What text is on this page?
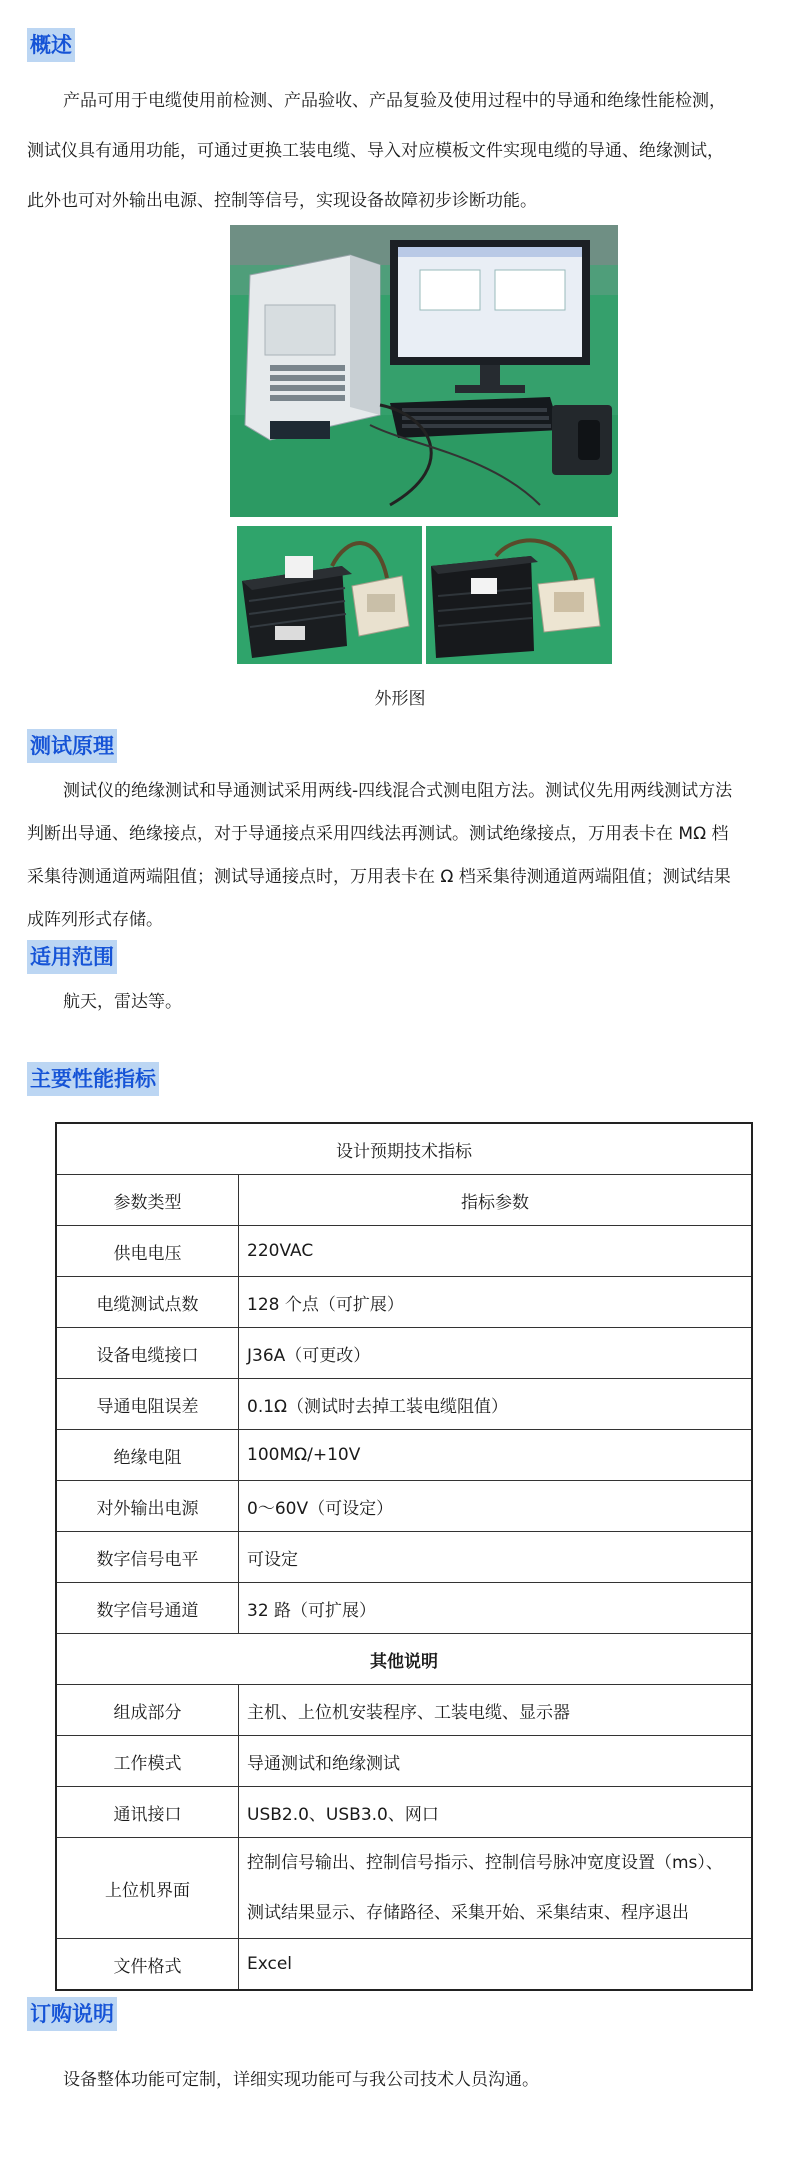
概述

产品可用于电缆使用前检测、产品验收、产品复验及使用过程中的导通和绝缘性能检测，

测试仪具有通用功能，可通过更换工装电缆、导入对应模板文件实现电缆的导通、绝缘测试，

此外也可对外输出电源、控制等信号，实现设备故障初步诊断功能。

外形图
测试原理

测试仪的绝缘测试和导通测试采用两线-四线混合式测电阻方法。测试仪先用两线测试方法

判断出导通、绝缘接点，对于导通接点采用四线法再测试。测试绝缘接点，万用表卡在 MΩ 档

采集待测通道两端阻值；测试导通接点时，万用表卡在 Ω 档采集待测通道两端阻值；测试结果

成阵列形式存储。

适用范围

航天，雷达等。

主要性能指标
设计预期技术指标	
参数类型	指标参数
供电电压	220VAC
电缆测试点数	128 个点（可扩展）
设备电缆接口	J36A（可更改）
导通电阻误差	0.1Ω（测试时去掉工装电缆阻值）
绝缘电阻	100MΩ/+10V
对外输出电源	0～60V（可设定）
数字信号电平	可设定
数字信号通道	32 路（可扩展）
其他说明	
组成部分	主机、上位机安装程序、工装电缆、显示器
工作模式	导通测试和绝缘测试
通讯接口	USB2.0、USB3.0、网口
上位机界面	控制信号输出、控制信号指示、控制信号脉冲宽度设置（ms）、
测试结果显示、存储路径、采集开始、采集结束、程序退出

文件格式	Excel
订购说明

设备整体功能可定制，详细实现功能可与我公司技术人员沟通。
